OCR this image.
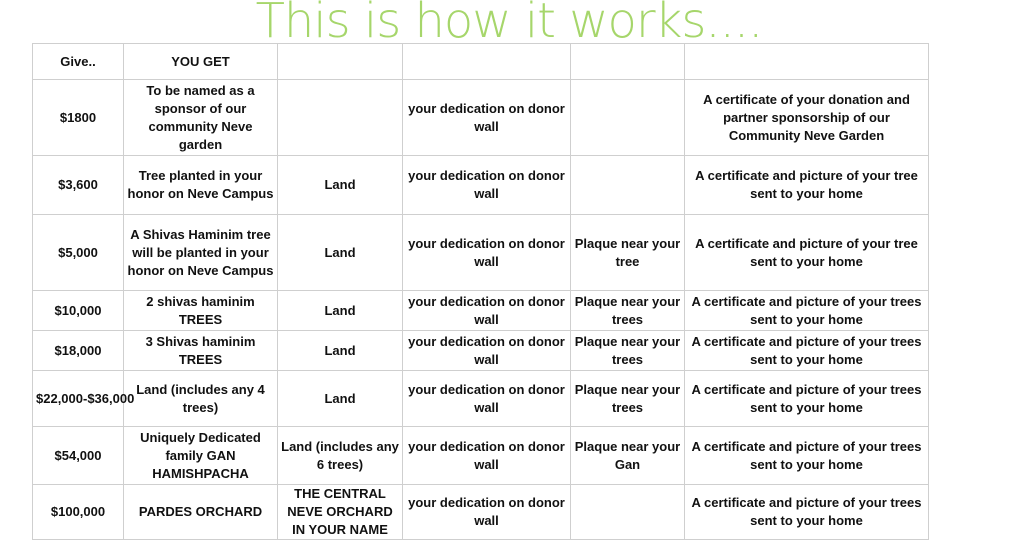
This is how it works....
Give..	YOU GET				
$1800	To be named as a sponsor of our community Neve garden		your dedication on donor wall		A certificate of your donation and partner sponsorship of our Community Neve Garden
$3,600	Tree planted in your honor on Neve Campus	Land	your dedication on donor wall		A certificate and picture of your tree sent to your home
$5,000	A Shivas Haminim tree will be planted in your honor on Neve Campus	Land	your dedication on donor wall	Plaque near your tree	A certificate and picture of your tree sent to your home
$10,000	2 shivas haminim TREES	Land	your dedication on donor wall	Plaque near your trees	A certificate and picture of your trees sent to your home
$18,000	3 Shivas haminim TREES	Land	your dedication on donor wall	Plaque near your trees	A certificate and picture of your trees sent to your home
$22,000-$36,000	Land (includes any 4 trees)	Land	your dedication on donor wall	Plaque near your trees	A certificate and picture of your trees sent to your home
$54,000	Uniquely Dedicated family GAN HAMISHPACHA	Land (includes any 6 trees)	your dedication on donor wall	Plaque near your Gan	A certificate and picture of your trees sent to your home
$100,000	PARDES ORCHARD	THE CENTRAL NEVE ORCHARD IN YOUR NAME	your dedication on donor wall		A certificate and picture of your trees sent to your home
